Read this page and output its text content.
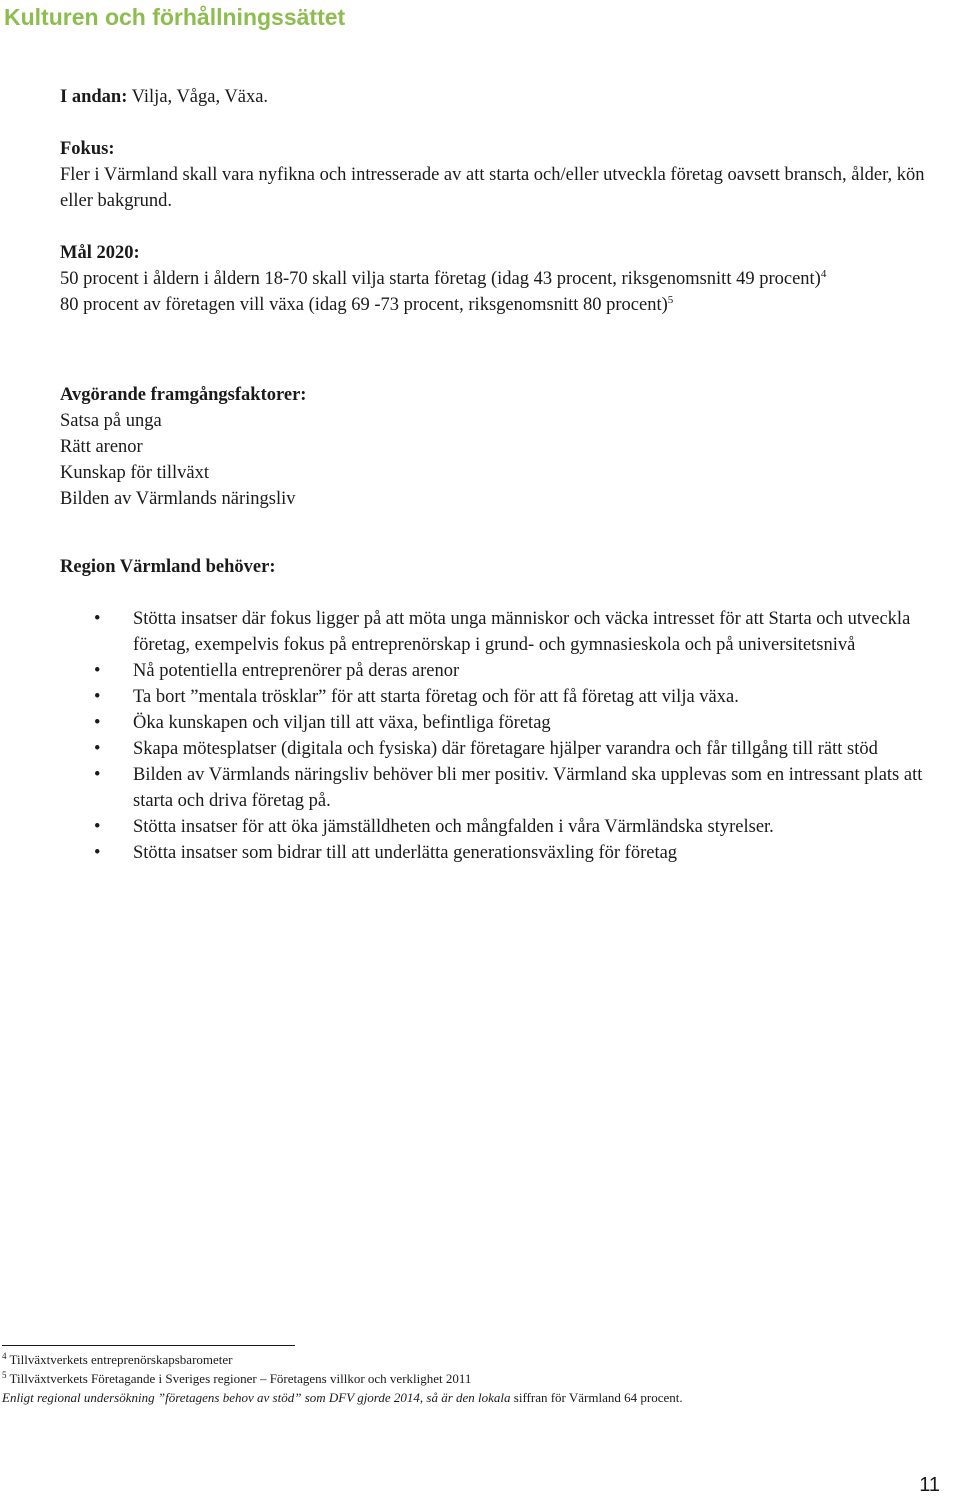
Kulturen och förhållningssättet

I andan: Vilja, Våga, Växa.

Fokus:
Fler i Värmland skall vara nyfikna och intresserade av att starta och/eller utveckla företag oavsett bransch, ålder, kön eller bakgrund.
Mål 2020:
50 procent i åldern i åldern 18-70 skall vilja starta företag (idag 43 procent, riksgenomsnitt 49 procent)$^4$
80 procent av företagen vill växa (idag 69 -73 procent, riksgenomsnitt 80 procent)$^5$
Avgörande framgångsfaktorer:
Satsa på unga
Rätt arenor
Kunskap för tillväxt
Bilden av Värmlands näringsliv
Region Värmland behöver:
• Stötta insatser där fokus ligger på att möta unga människor och väcka intresset för att Starta och utveckla företag, exempelvis fokus på entreprenörskap i grund- och gymnasieskola och på universitetsnivå
• Nå potentiella entreprenörer på deras arenor
• Ta bort ”mentala trösklar” för att starta företag och för att få företag att vilja växa.
• Öka kunskapen och viljan till att växa, befintliga företag
• Skapa mötesplatser (digitala och fysiska) där företagare hjälper varandra och får tillgång till rätt stöd
• Bilden av Värmlands näringsliv behöver bli mer positiv. Värmland ska upplevas som en intressant plats att starta och driva företag på.
• Stötta insatser för att öka jämställdheten och mångfalden i våra Värmländska styrelser.
• Stötta insatser som bidrar till att underlätta generationsväxling för företag
$^4$ Tillväxtverkets entreprenörskapsbarometer
$^5$ Tillväxtverkets Företagande i Sveriges regioner – Företagens villkor och verklighet 2011
Enligt regional undersökning ”företagens behov av stöd” som DFV gjorde 2014, så är den lokala siffran för Värmland 64 procent.
11
